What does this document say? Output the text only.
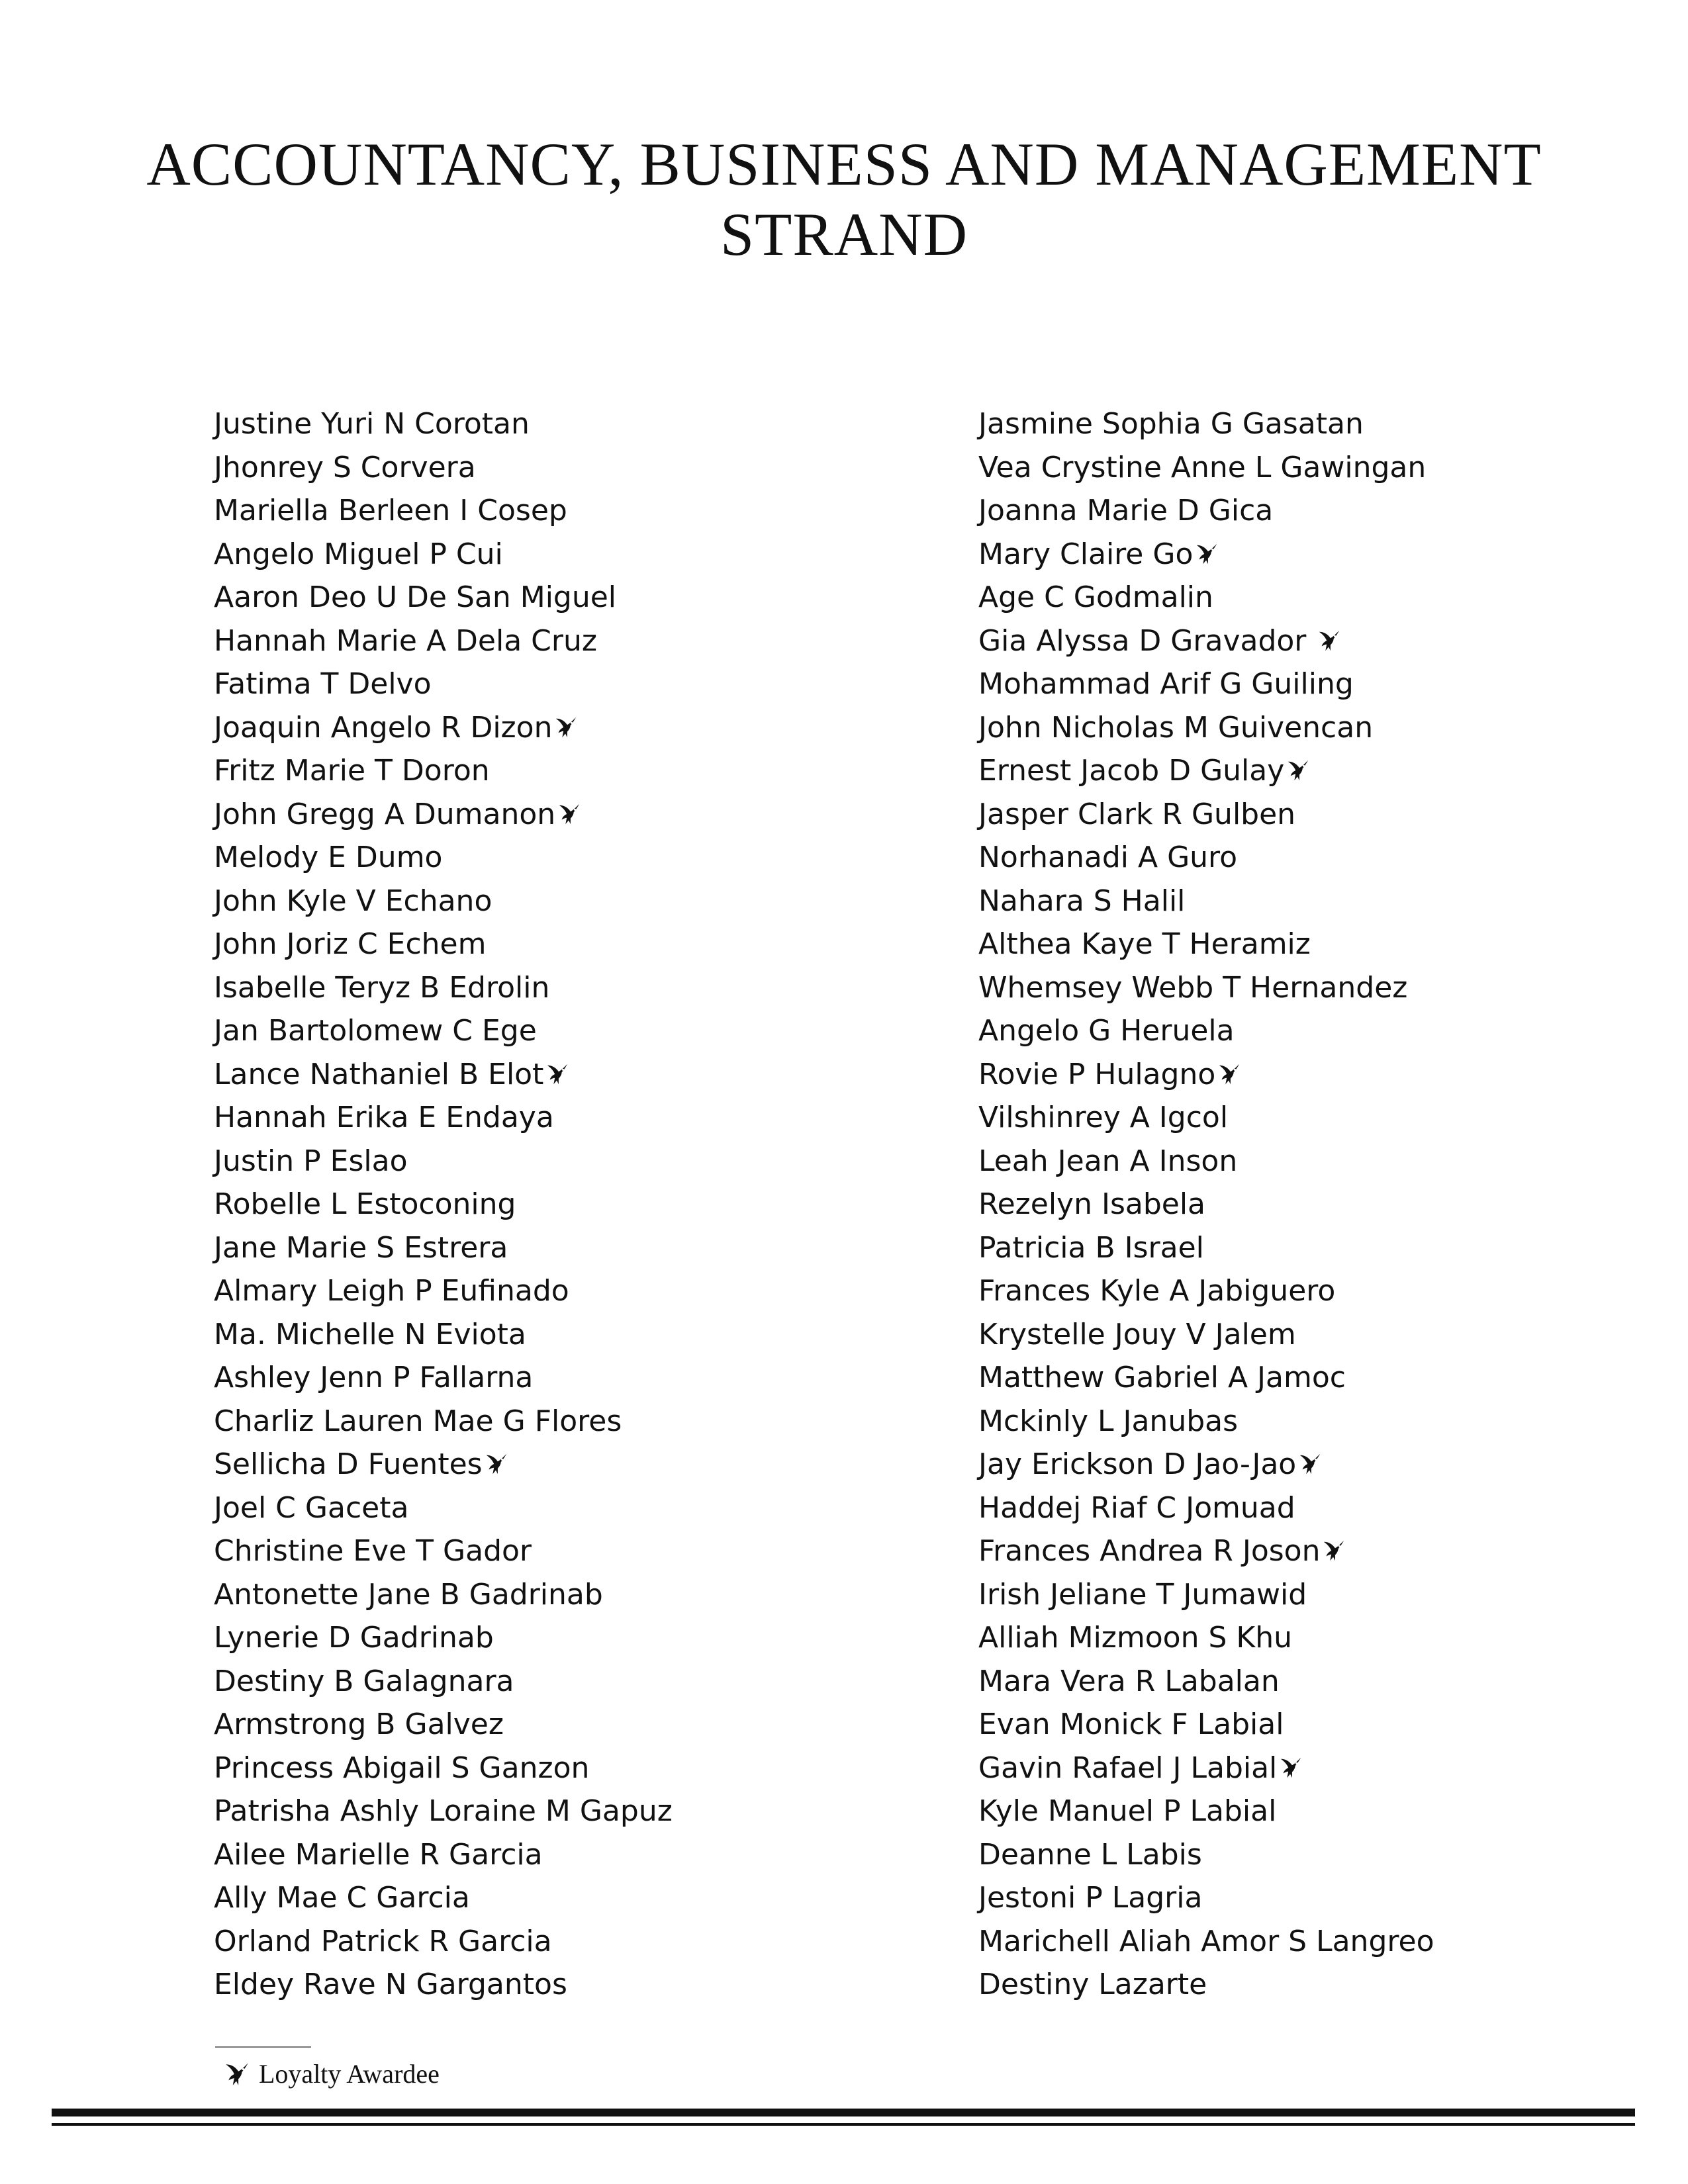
ACCOUNTANCY, BUSINESS AND MANAGEMENT
STRAND
Justine Yuri N Corotan
Jhonrey S Corvera
Mariella Berleen I Cosep
Angelo Miguel P Cui
Aaron Deo U De San Miguel
Hannah Marie A Dela Cruz
Fatima T Delvo
Joaquin Angelo R Dizon
Fritz Marie T Doron
John Gregg A Dumanon
Melody E Dumo
John Kyle V Echano
John Joriz C Echem
Isabelle Teryz B Edrolin
Jan Bartolomew C Ege
Lance Nathaniel B Elot
Hannah Erika E Endaya
Justin P Eslao
Robelle L Estoconing
Jane Marie S Estrera
Almary Leigh P Eufinado
Ma. Michelle N Eviota
Ashley Jenn P Fallarna
Charliz Lauren Mae G Flores
Sellicha D Fuentes
Joel C Gaceta
Christine Eve T Gador
Antonette Jane B Gadrinab
Lynerie D Gadrinab
Destiny B Galagnara
Armstrong B Galvez
Princess Abigail S Ganzon
Patrisha Ashly Loraine M Gapuz
Ailee Marielle R Garcia
Ally Mae C Garcia
Orland Patrick R Garcia
Eldey Rave N Gargantos
Jasmine Sophia G Gasatan
Vea Crystine Anne L Gawingan
Joanna Marie D Gica
Mary Claire Go
Age C Godmalin
Gia Alyssa D Gravador
Mohammad Arif G Guiling
John Nicholas M Guivencan
Ernest Jacob D Gulay
Jasper Clark R Gulben
Norhanadi A Guro
Nahara S Halil
Althea Kaye T Heramiz
Whemsey Webb T Hernandez
Angelo G Heruela
Rovie P Hulagno
Vilshinrey A Igcol
Leah Jean A Inson
Rezelyn Isabela
Patricia B Israel
Frances Kyle A Jabiguero
Krystelle Jouy V Jalem
Matthew Gabriel A Jamoc
Mckinly L Janubas
Jay Erickson D Jao-Jao
Haddej Riaf C Jomuad
Frances Andrea R Joson
Irish Jeliane T Jumawid
Alliah Mizmoon S Khu
Mara Vera R Labalan
Evan Monick F Labial
Gavin Rafael J Labial
Kyle Manuel P Labial
Deanne L Labis
Jestoni P Lagria
Marichell Aliah Amor S Langreo
Destiny Lazarte
Loyalty Awardee
